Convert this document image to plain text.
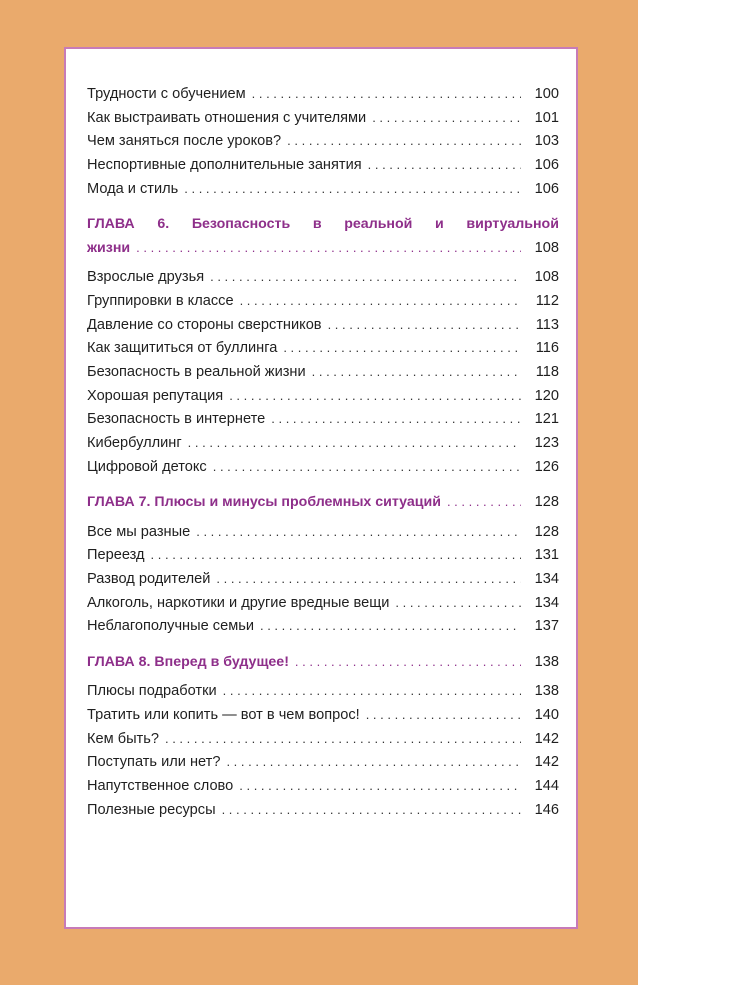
Трудности с обучением . . .	100
Как выстраивать отношения с учителями . . .	101
Чем заняться после уроков? . . .	103
Неспортивные дополнительные занятия . . .	106
Мода и стиль . . .	106
ГЛАВА 6. Безопасность в реальной и виртуальной
жизни . . .	108
Взрослые друзья . . .	108
Группировки в классе . . .	112
Давление со стороны сверстников . . .	113
Как защититься от буллинга . . .	116
Безопасность в реальной жизни . . .	118
Хорошая репутация . . .	120
Безопасность в интернете . . .	121
Кибербуллинг . . .	123
Цифровой детокс . . .	126
ГЛАВА 7. Плюсы и минусы проблемных ситуаций . . .	128
Все мы разные . . .	128
Переезд . . .	131
Развод родителей . . .	134
Алкоголь, наркотики и другие вредные вещи . . .	134
Неблагополучные семьи . . .	137
ГЛАВА 8. Вперед в будущее! . . .	138
Плюсы подработки . . .	138
Тратить или копить — вот в чем вопрос! . . .	140
Кем быть? . . .	142
Поступать или нет? . . .	142
Напутственное слово . . .	144
Полезные ресурсы . . .	146
